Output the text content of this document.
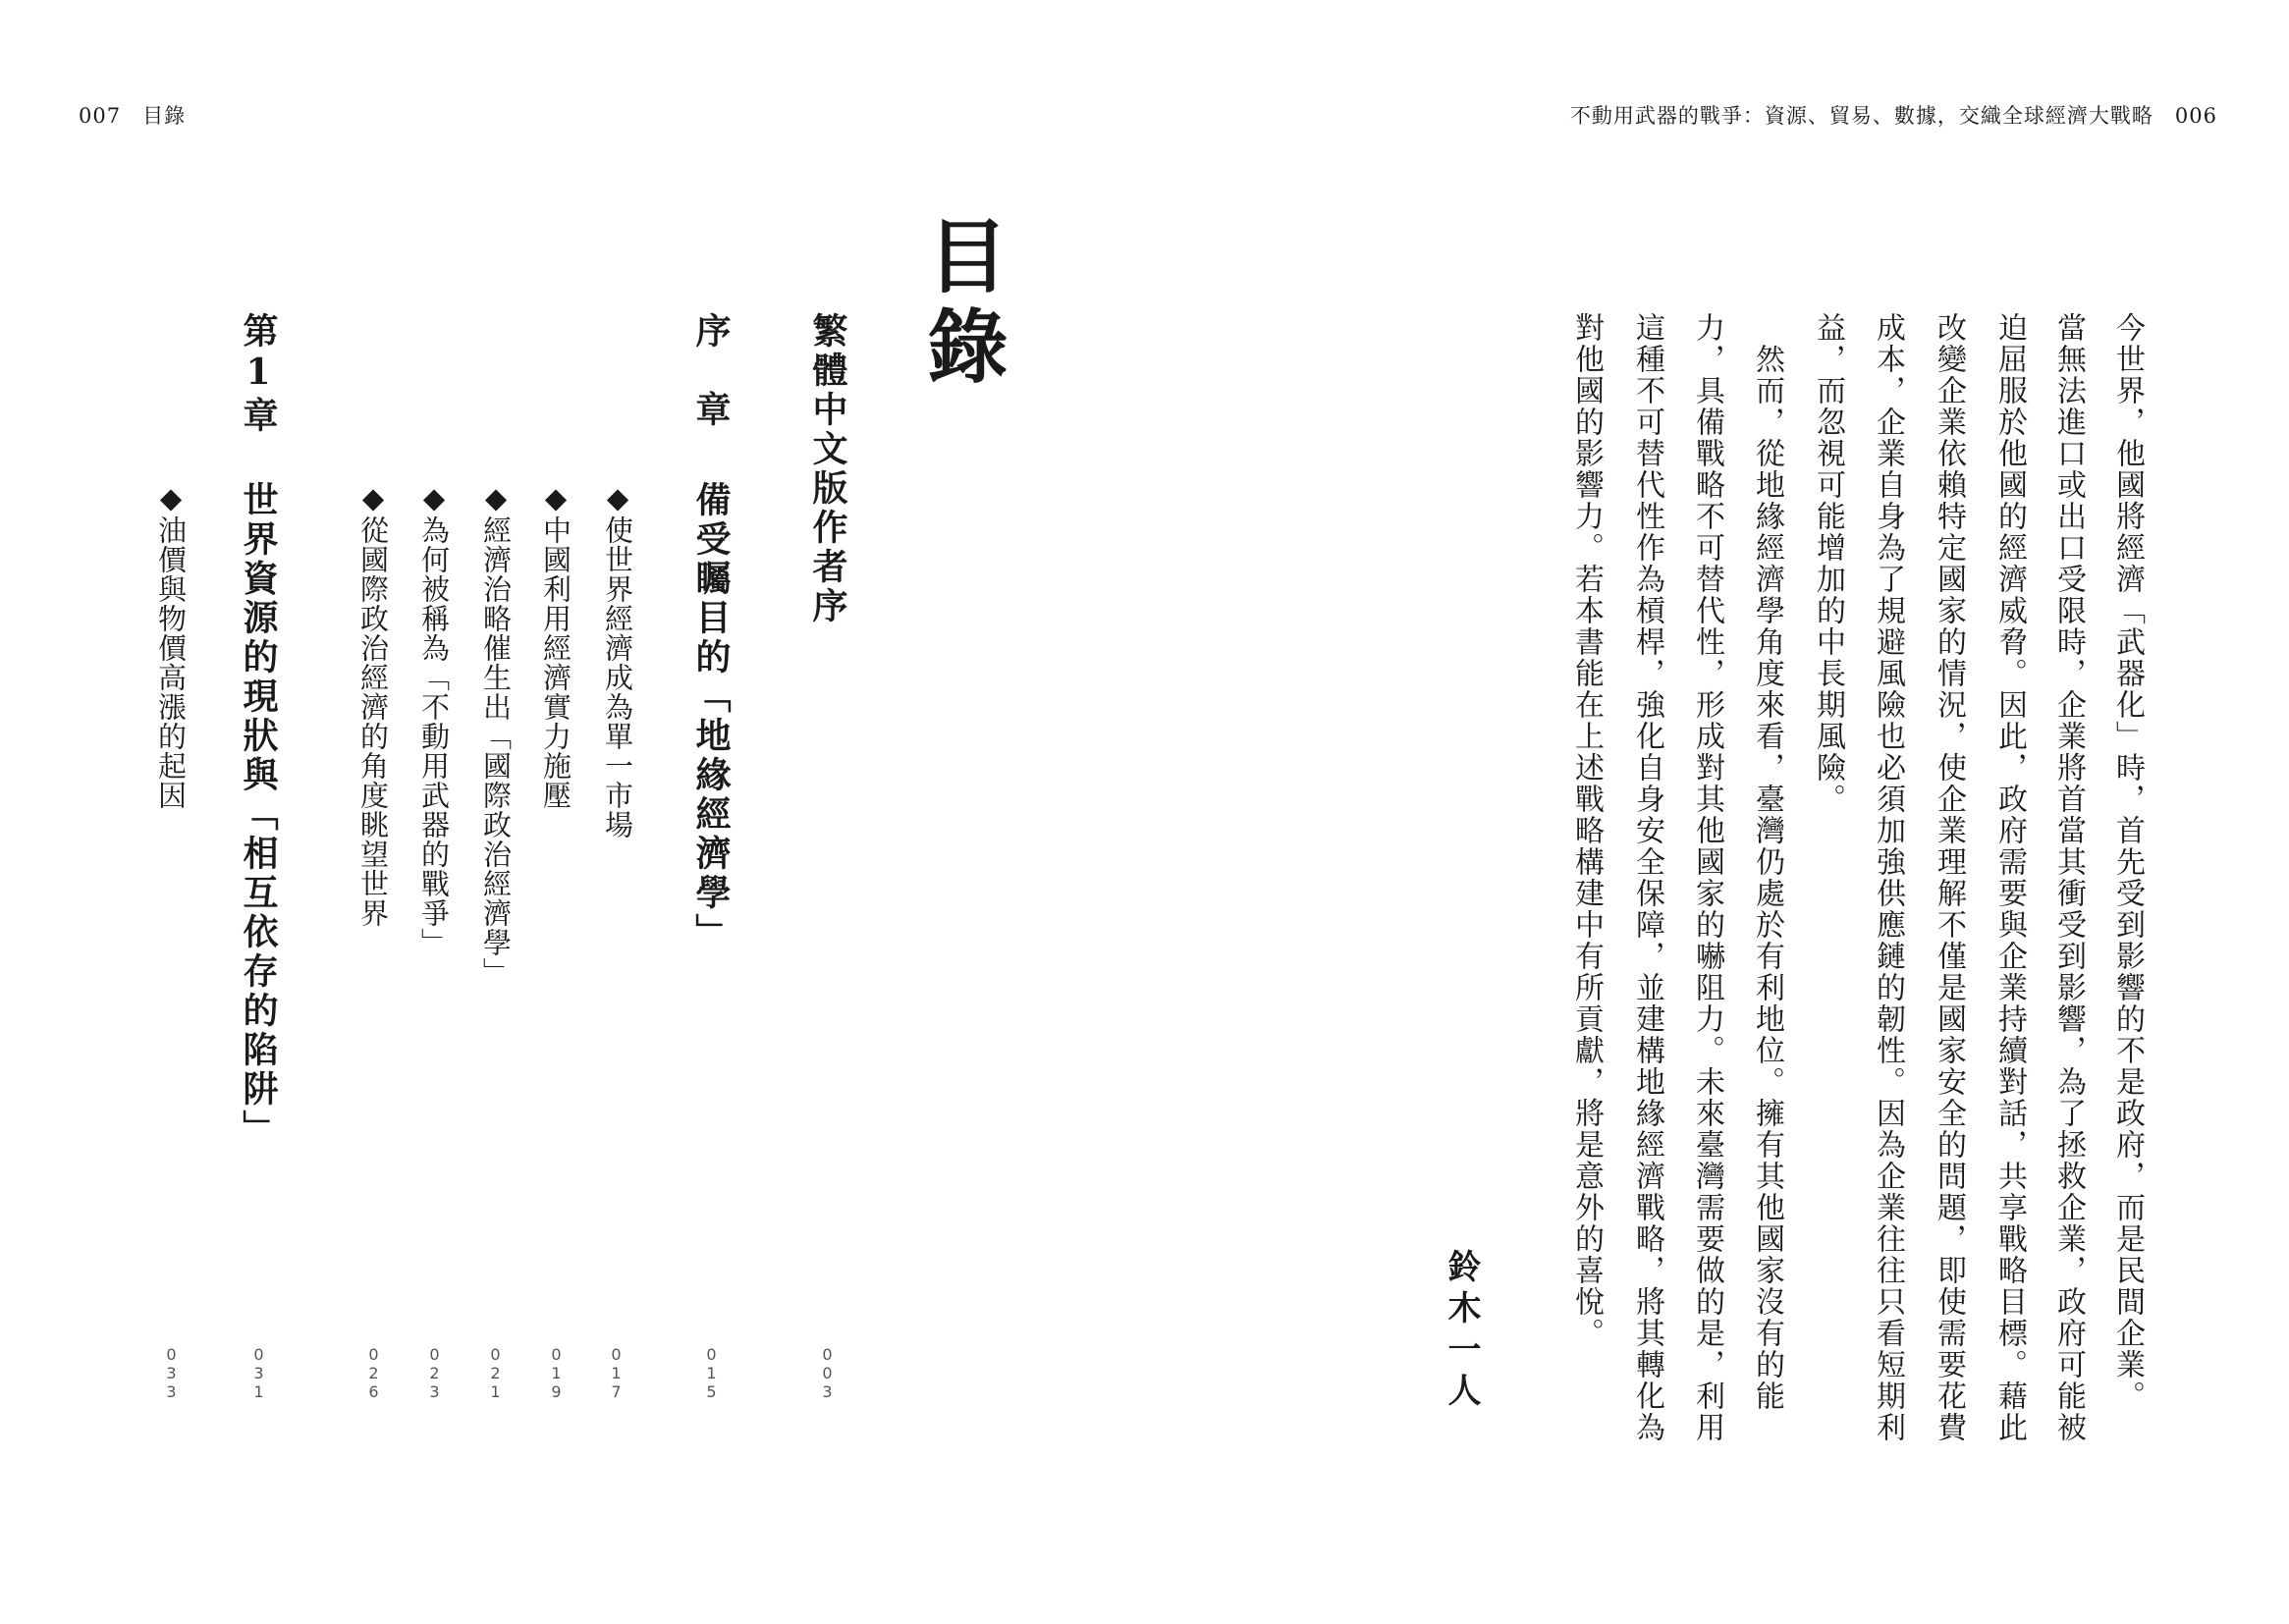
007　目錄	不動用武器的戰爭：資源、貿易、數據，交織全球經濟大戰略　006
目錄
繁體中文版作者序
003
序　章
備受矚目的「地緣經濟學」
015
◆使世界經濟成為單一市場
017
◆中國利用經濟實力施壓
019
◆經濟治略催生出「國際政治經濟學」
021
◆為何被稱為「不動用武器的戰爭」
023
◆從國際政治經濟的角度眺望世界
026
第1章
世界資源的現狀與「相互依存的陷阱」
031
◆油價與物價高漲的起因
033	今世界，他國將經濟「武器化」時，首先受到影響的不是政府，而是民間企業。
當無法進口或出口受限時，企業將首當其衝受到影響，為了拯救企業，政府可能被
迫屈服於他國的經濟威脅。因此，政府需要與企業持續對話，共享戰略目標。藉此
改變企業依賴特定國家的情況，使企業理解不僅是國家安全的問題，即使需要花費
成本，企業自身為了規避風險也必須加強供應鏈的韌性。因為企業往往只看短期利
益，而忽視可能增加的中長期風險。
　然而，從地緣經濟學角度來看，臺灣仍處於有利地位。擁有其他國家沒有的能
力，具備戰略不可替代性，形成對其他國家的嚇阻力。未來臺灣需要做的是，利用
這種不可替代性作為槓桿，強化自身安全保障，並建構地緣經濟戰略，將其轉化為
對他國的影響力。若本書能在上述戰略構建中有所貢獻，將是意外的喜悅。
鈴木一人
